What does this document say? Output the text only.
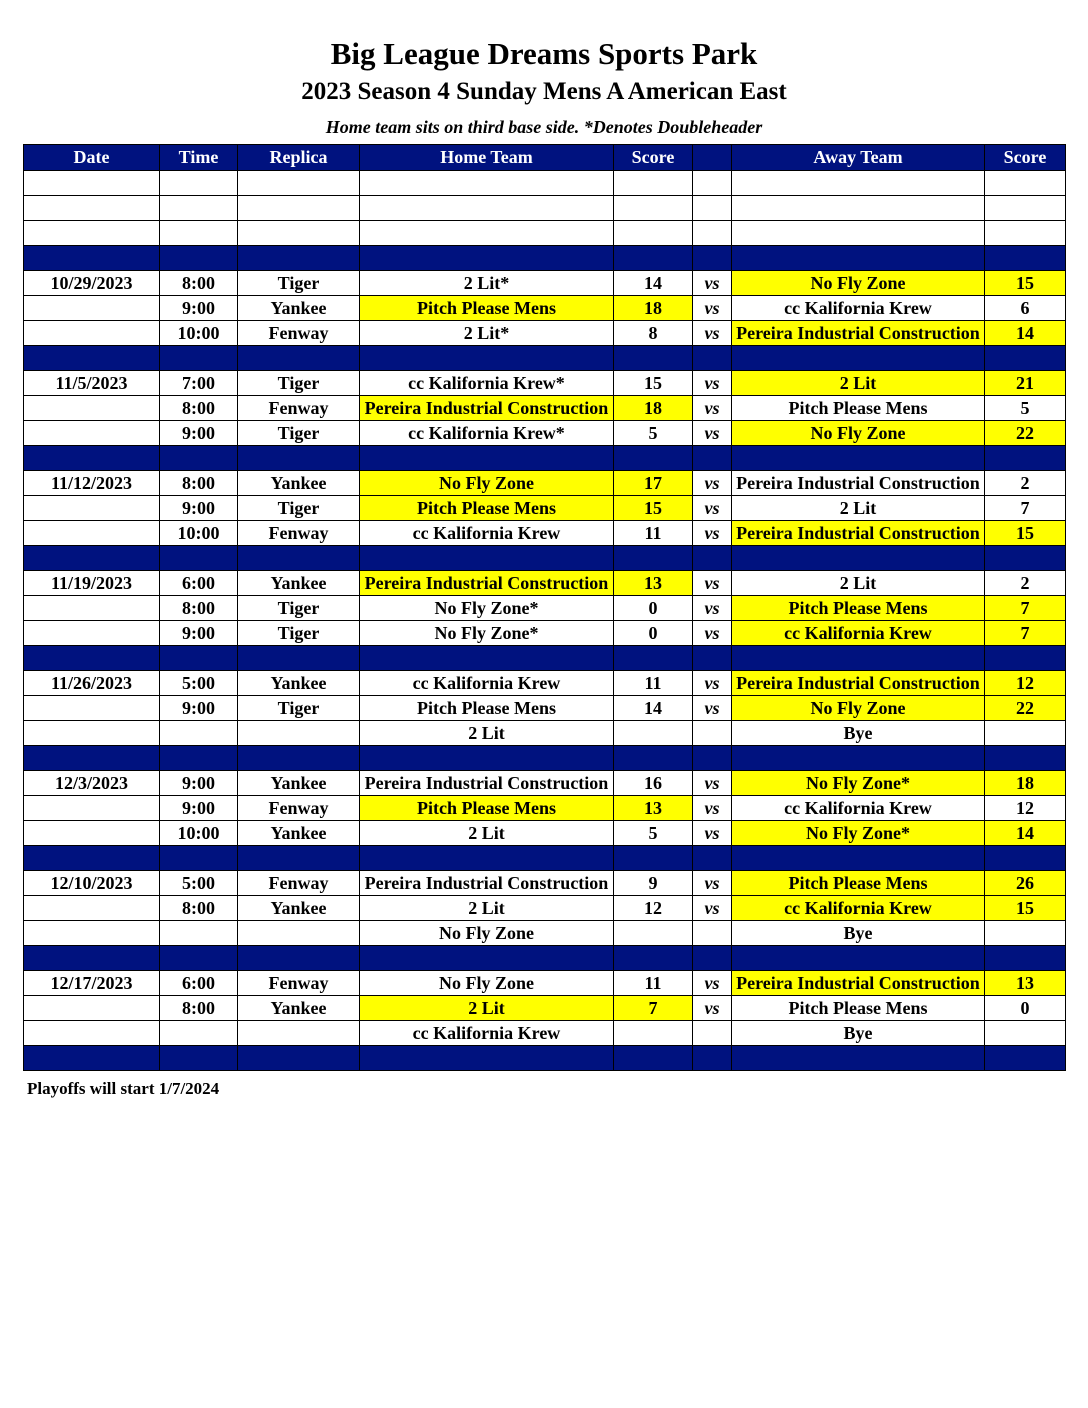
Big League Dreams Sports Park
2023 Season 4 Sunday Mens A American East
Home team sits on third base side. *Denotes Doubleheader
Date	Time	Replica	Home Team	Score		Away Team	Score

10/29/2023	8:00	Tiger	2 Lit*	14	vs	No Fly Zone	15
	9:00	Yankee	Pitch Please Mens	18	vs	cc Kalifornia Krew	6
	10:00	Fenway	2 Lit*	8	vs	Pereira Industrial Construction	14

11/5/2023	7:00	Tiger	cc Kalifornia Krew*	15	vs	2 Lit	21
	8:00	Fenway	Pereira Industrial Construction	18	vs	Pitch Please Mens	5
	9:00	Tiger	cc Kalifornia Krew*	5	vs	No Fly Zone	22

11/12/2023	8:00	Yankee	No Fly Zone	17	vs	Pereira Industrial Construction	2
	9:00	Tiger	Pitch Please Mens	15	vs	2 Lit	7
	10:00	Fenway	cc Kalifornia Krew	11	vs	Pereira Industrial Construction	15

11/19/2023	6:00	Yankee	Pereira Industrial Construction	13	vs	2 Lit	2
	8:00	Tiger	No Fly Zone*	0	vs	Pitch Please Mens	7
	9:00	Tiger	No Fly Zone*	0	vs	cc Kalifornia Krew	7

11/26/2023	5:00	Yankee	cc Kalifornia Krew	11	vs	Pereira Industrial Construction	12
	9:00	Tiger	Pitch Please Mens	14	vs	No Fly Zone	22
			2 Lit			Bye	

12/3/2023	9:00	Yankee	Pereira Industrial Construction	16	vs	No Fly Zone*	18
	9:00	Fenway	Pitch Please Mens	13	vs	cc Kalifornia Krew	12
	10:00	Yankee	2 Lit	5	vs	No Fly Zone*	14

12/10/2023	5:00	Fenway	Pereira Industrial Construction	9	vs	Pitch Please Mens	26
	8:00	Yankee	2 Lit	12	vs	cc Kalifornia Krew	15
			No Fly Zone			Bye	

12/17/2023	6:00	Fenway	No Fly Zone	11	vs	Pereira Industrial Construction	13
	8:00	Yankee	2 Lit	7	vs	Pitch Please Mens	0
			cc Kalifornia Krew			Bye	

Playoffs will start 1/7/2024
